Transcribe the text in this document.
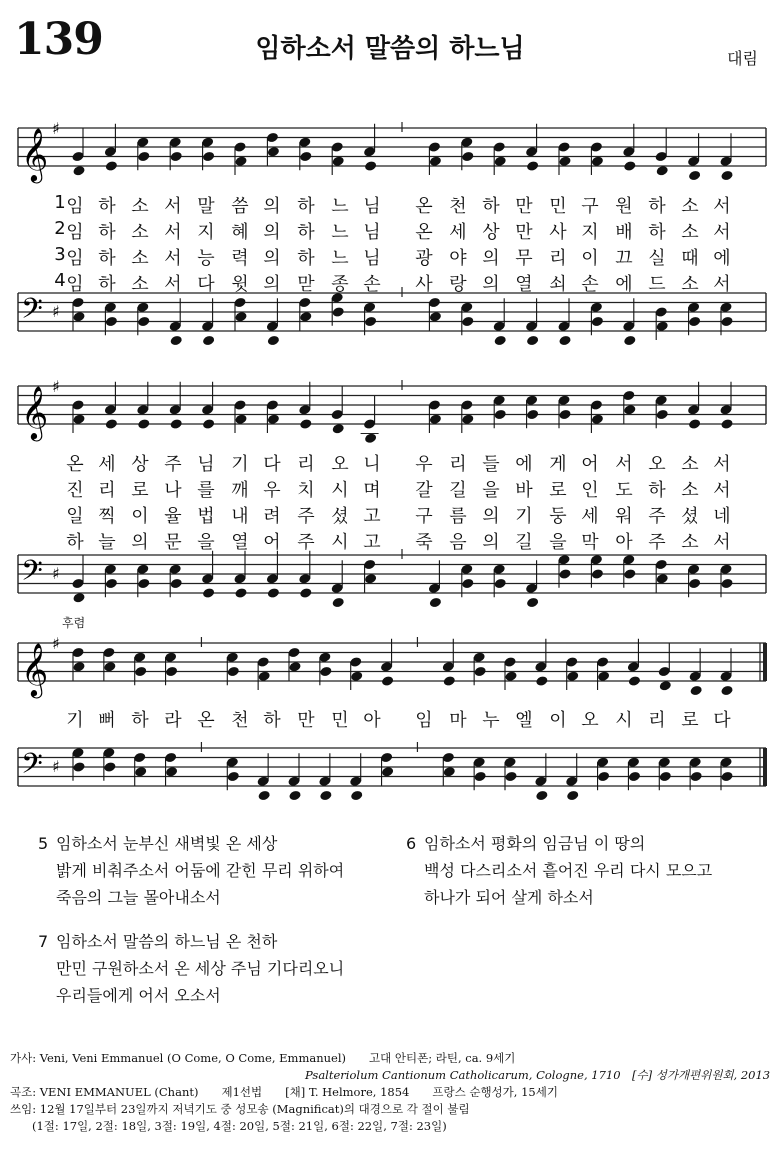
139	임하소서 말씀의 하느님	대림
𝄞 ♯
𝄢 ♯
𝄞 ♯
𝄢 ♯
𝄞 ♯
𝄢 ♯
후렴
1 임 하 소 서 말 씀 의 하 느 님 온 천 하 만 민 구 원 하 소 서
2 임 하 소 서 지 혜 의 하 느 님 온 세 상 만 사 지 배 하 소 서
3 임 하 소 서 능 력 의 하 느 님 광 야 의 무 리 이 끄 실 때 에
4 임 하 소 서 다 윗 의 맏 종 손 사 랑 의 열 쇠 손 에 드 소 서
온 세 상 주 님 기 다 리 오 니 우 리 들 에 게 어 서 오 소 서
진 리 로 나 를 깨 우 치 시 며 갈 길 을 바 로 인 도 하 소 서
일 찍 이 율 법 내 려 주 셨 고 구 름 의 기 둥 세 워 주 셨 네
하 늘 의 문 을 열 어 주 시 고 죽 음 의 길 을 막 아 주 소 서
기 뻐 하 라 온 천 하 만 민 아 임 마 누 엘 이 오 시 리 로 다
5 임하소서 눈부신 새벽빛 온 세상
밝게 비춰주소서 어둠에 갇힌 무리 위하여
죽음의 그늘 몰아내소서
6 임하소서 평화의 임금님 이 땅의
백성 다스리소서 흩어진 우리 다시 모으고
하나가 되어 살게 하소서
7 임하소서 말씀의 하느님 온 천하
만민 구원하소서 온 세상 주님 기다리오니
우리들에게 어서 오소서
가사: Veni, Veni Emmanuel (O Come, O Come, Emmanuel)　　고대 안티폰; 라틴, ca. 9세기
Psalteriolum Cantionum Catholicarum, Cologne, 1710　[수] 성가개편위원회, 2013
곡조: VENI EMMANUEL (Chant)　　제1선법　　[채] T. Helmore, 1854　　프랑스 순행성가, 15세기
쓰임: 12월 17일부터 23일까지 저녁기도 중 성모송 (Magnificat)의 대경으로 각 절이 불림
(1절: 17일, 2절: 18일, 3절: 19일, 4절: 20일, 5절: 21일, 6절: 22일, 7절: 23일)
